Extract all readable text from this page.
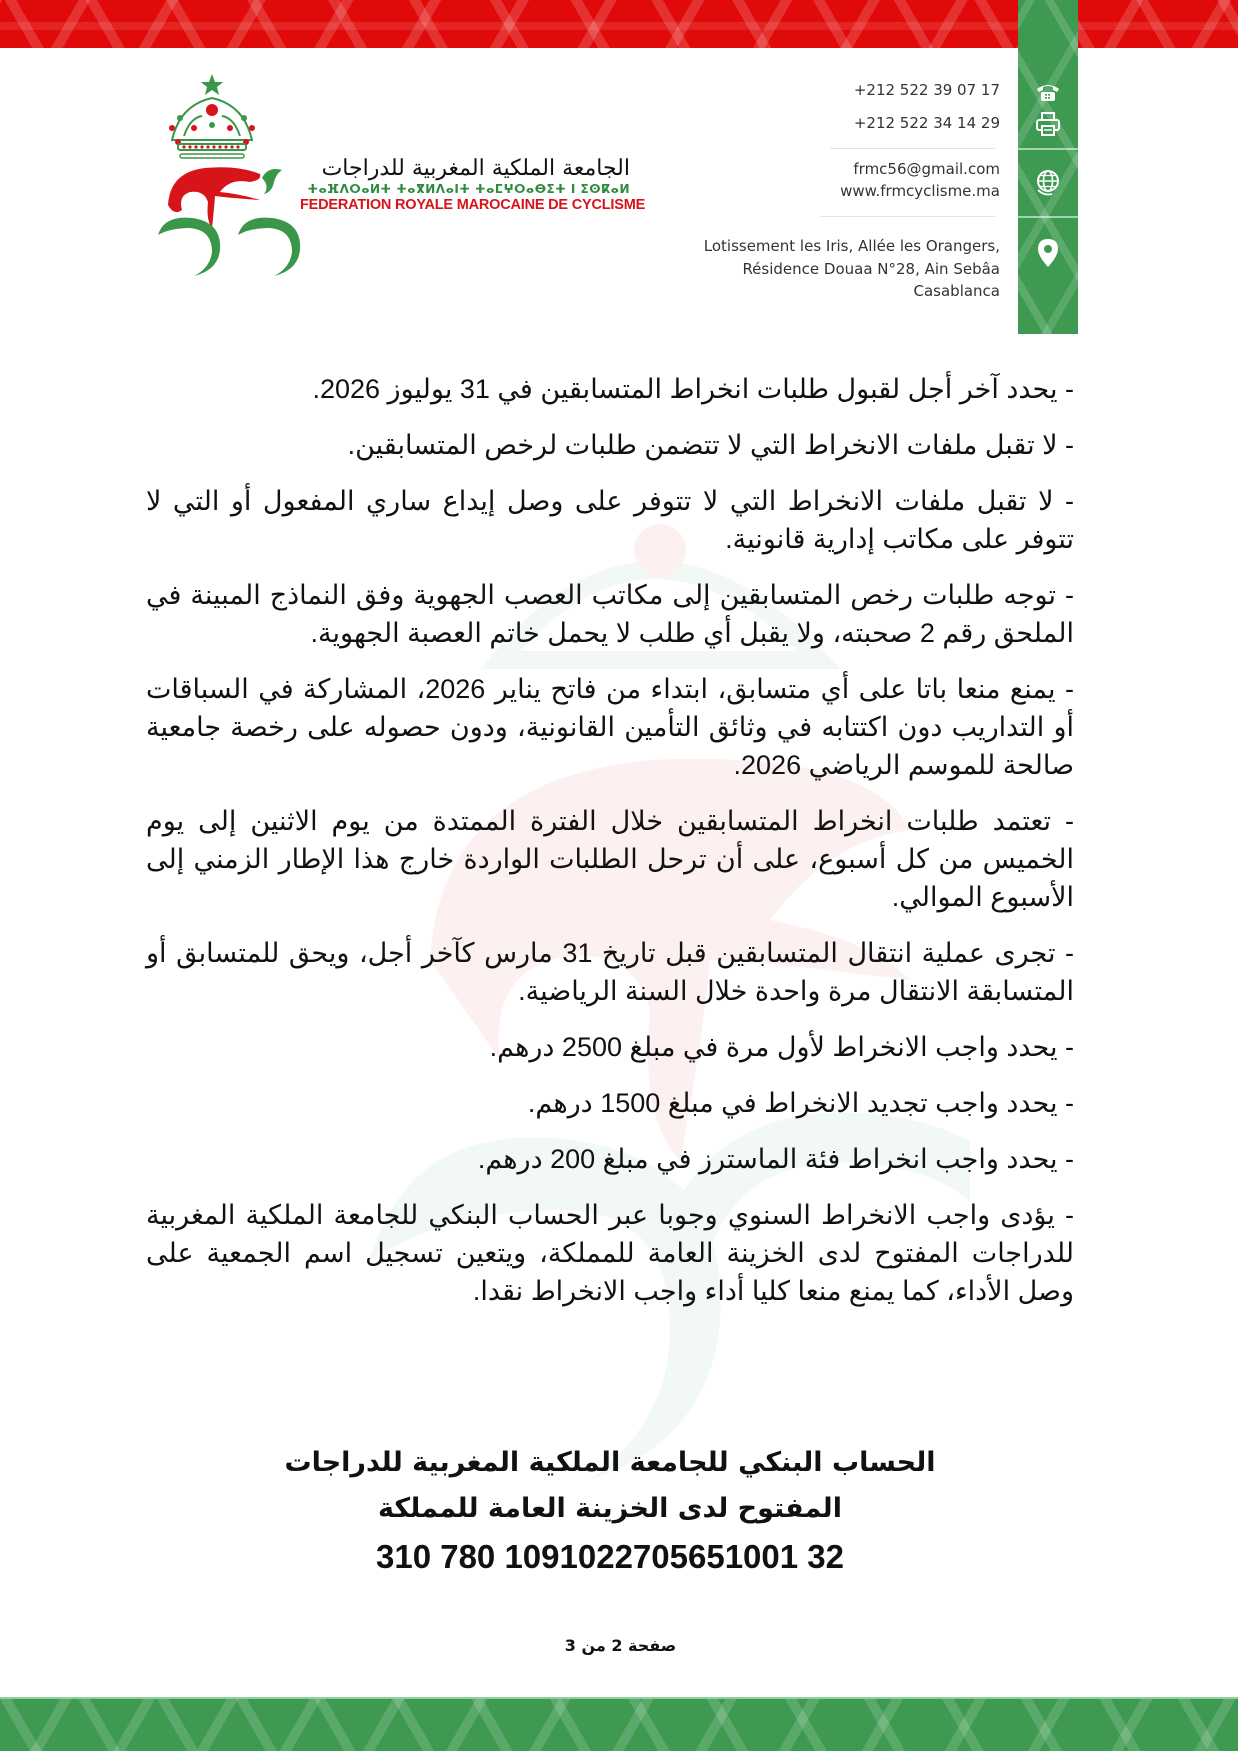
الجامعة الملكية المغربية للدراجات
ⵜⴰⴼⴷⵔⴰⵍⵜ ⵜⴰⴳⵍⴷⴰⵏⵜ ⵜⴰⵎⵖⵔⴰⴱⵉⵜ ⵏ ⵉⵙⴽⴰⵍ
FEDERATION ROYALE MAROCAINE DE CYCLISME
+212 522 39 07 17
+212 522 34 14 29
frmc56@gmail.com
www.frmcyclisme.ma
Lotissement les Iris, Allée les Orangers,
Résidence Douaa N°28, Ain Sebâa
Casablanca

- يحدد آخر أجل لقبول طلبات انخراط المتسابقين في 31 يوليوز 2026.

- لا تقبل ملفات الانخراط التي لا تتضمن طلبات لرخص المتسابقين.

- لا تقبل ملفات الانخراط التي لا تتوفر على وصل إيداع ساري المفعول أو التي لا تتوفر على مكاتب إدارية قانونية.

- توجه طلبات رخص المتسابقين إلى مكاتب العصب الجهوية وفق النماذج المبينة في الملحق رقم 2 صحبته، ولا يقبل أي طلب لا يحمل خاتم العصبة الجهوية.

- يمنع منعا باتا على أي متسابق، ابتداء من فاتح يناير 2026، المشاركة في السباقات أو التداريب دون اكتتابه في وثائق التأمين القانونية، ودون حصوله على رخصة جامعية صالحة للموسم الرياضي 2026.

- تعتمد طلبات انخراط المتسابقين خلال الفترة الممتدة من يوم الاثنين إلى يوم الخميس من كل أسبوع، على أن ترحل الطلبات الواردة خارج هذا الإطار الزمني إلى الأسبوع الموالي.

- تجرى عملية انتقال المتسابقين قبل تاريخ 31 مارس كآخر أجل، ويحق للمتسابق أو المتسابقة الانتقال مرة واحدة خلال السنة الرياضية.

- يحدد واجب الانخراط لأول مرة في مبلغ 2500 درهم.

- يحدد واجب تجديد الانخراط في مبلغ 1500 درهم.

- يحدد واجب انخراط فئة الماسترز في مبلغ 200 درهم.

- يؤدى واجب الانخراط السنوي وجوبا عبر الحساب البنكي للجامعة الملكية المغربية للدراجات المفتوح لدى الخزينة العامة للمملكة، ويتعين تسجيل اسم الجمعية على وصل الأداء، كما يمنع منعا كليا أداء واجب الانخراط نقدا.

الحساب البنكي للجامعة الملكية المغربية للدراجات
المفتوح لدى الخزينة العامة للمملكة
310 780 1091022705651001 32
صفحة 2 من 3
